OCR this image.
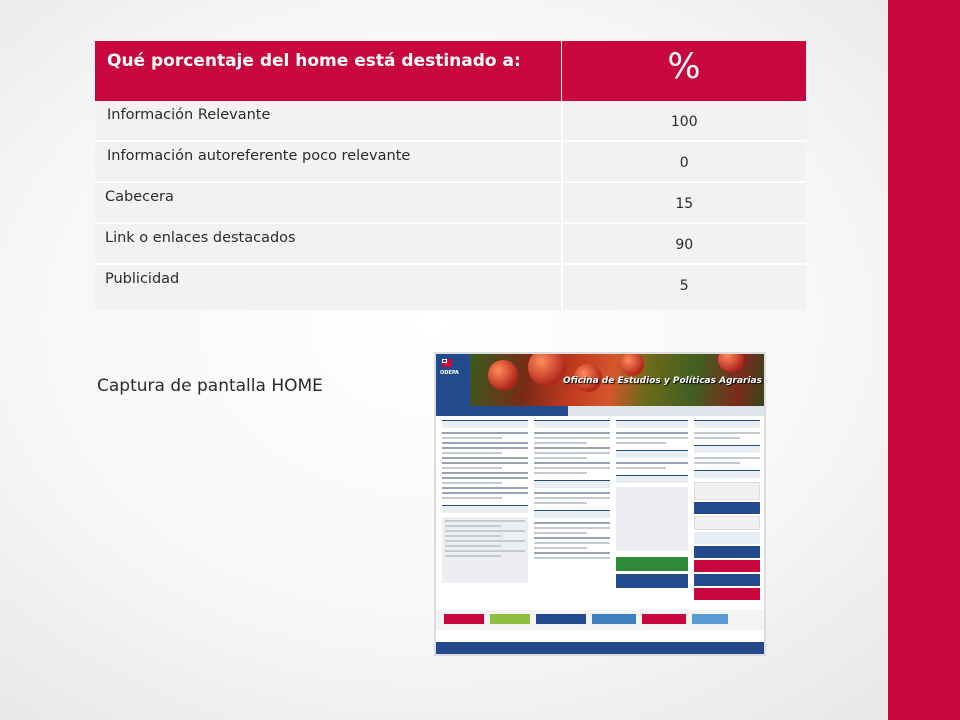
Qué porcentaje del home está destinado a:	%

Información Relevante	100

Información autoreferente poco relevante	0

Cabecera	15

Link o enlaces destacados	90

Publicidad	5
Captura de pantalla HOME
ODEPA
Oficina de Estudios y Políticas Agrarias
